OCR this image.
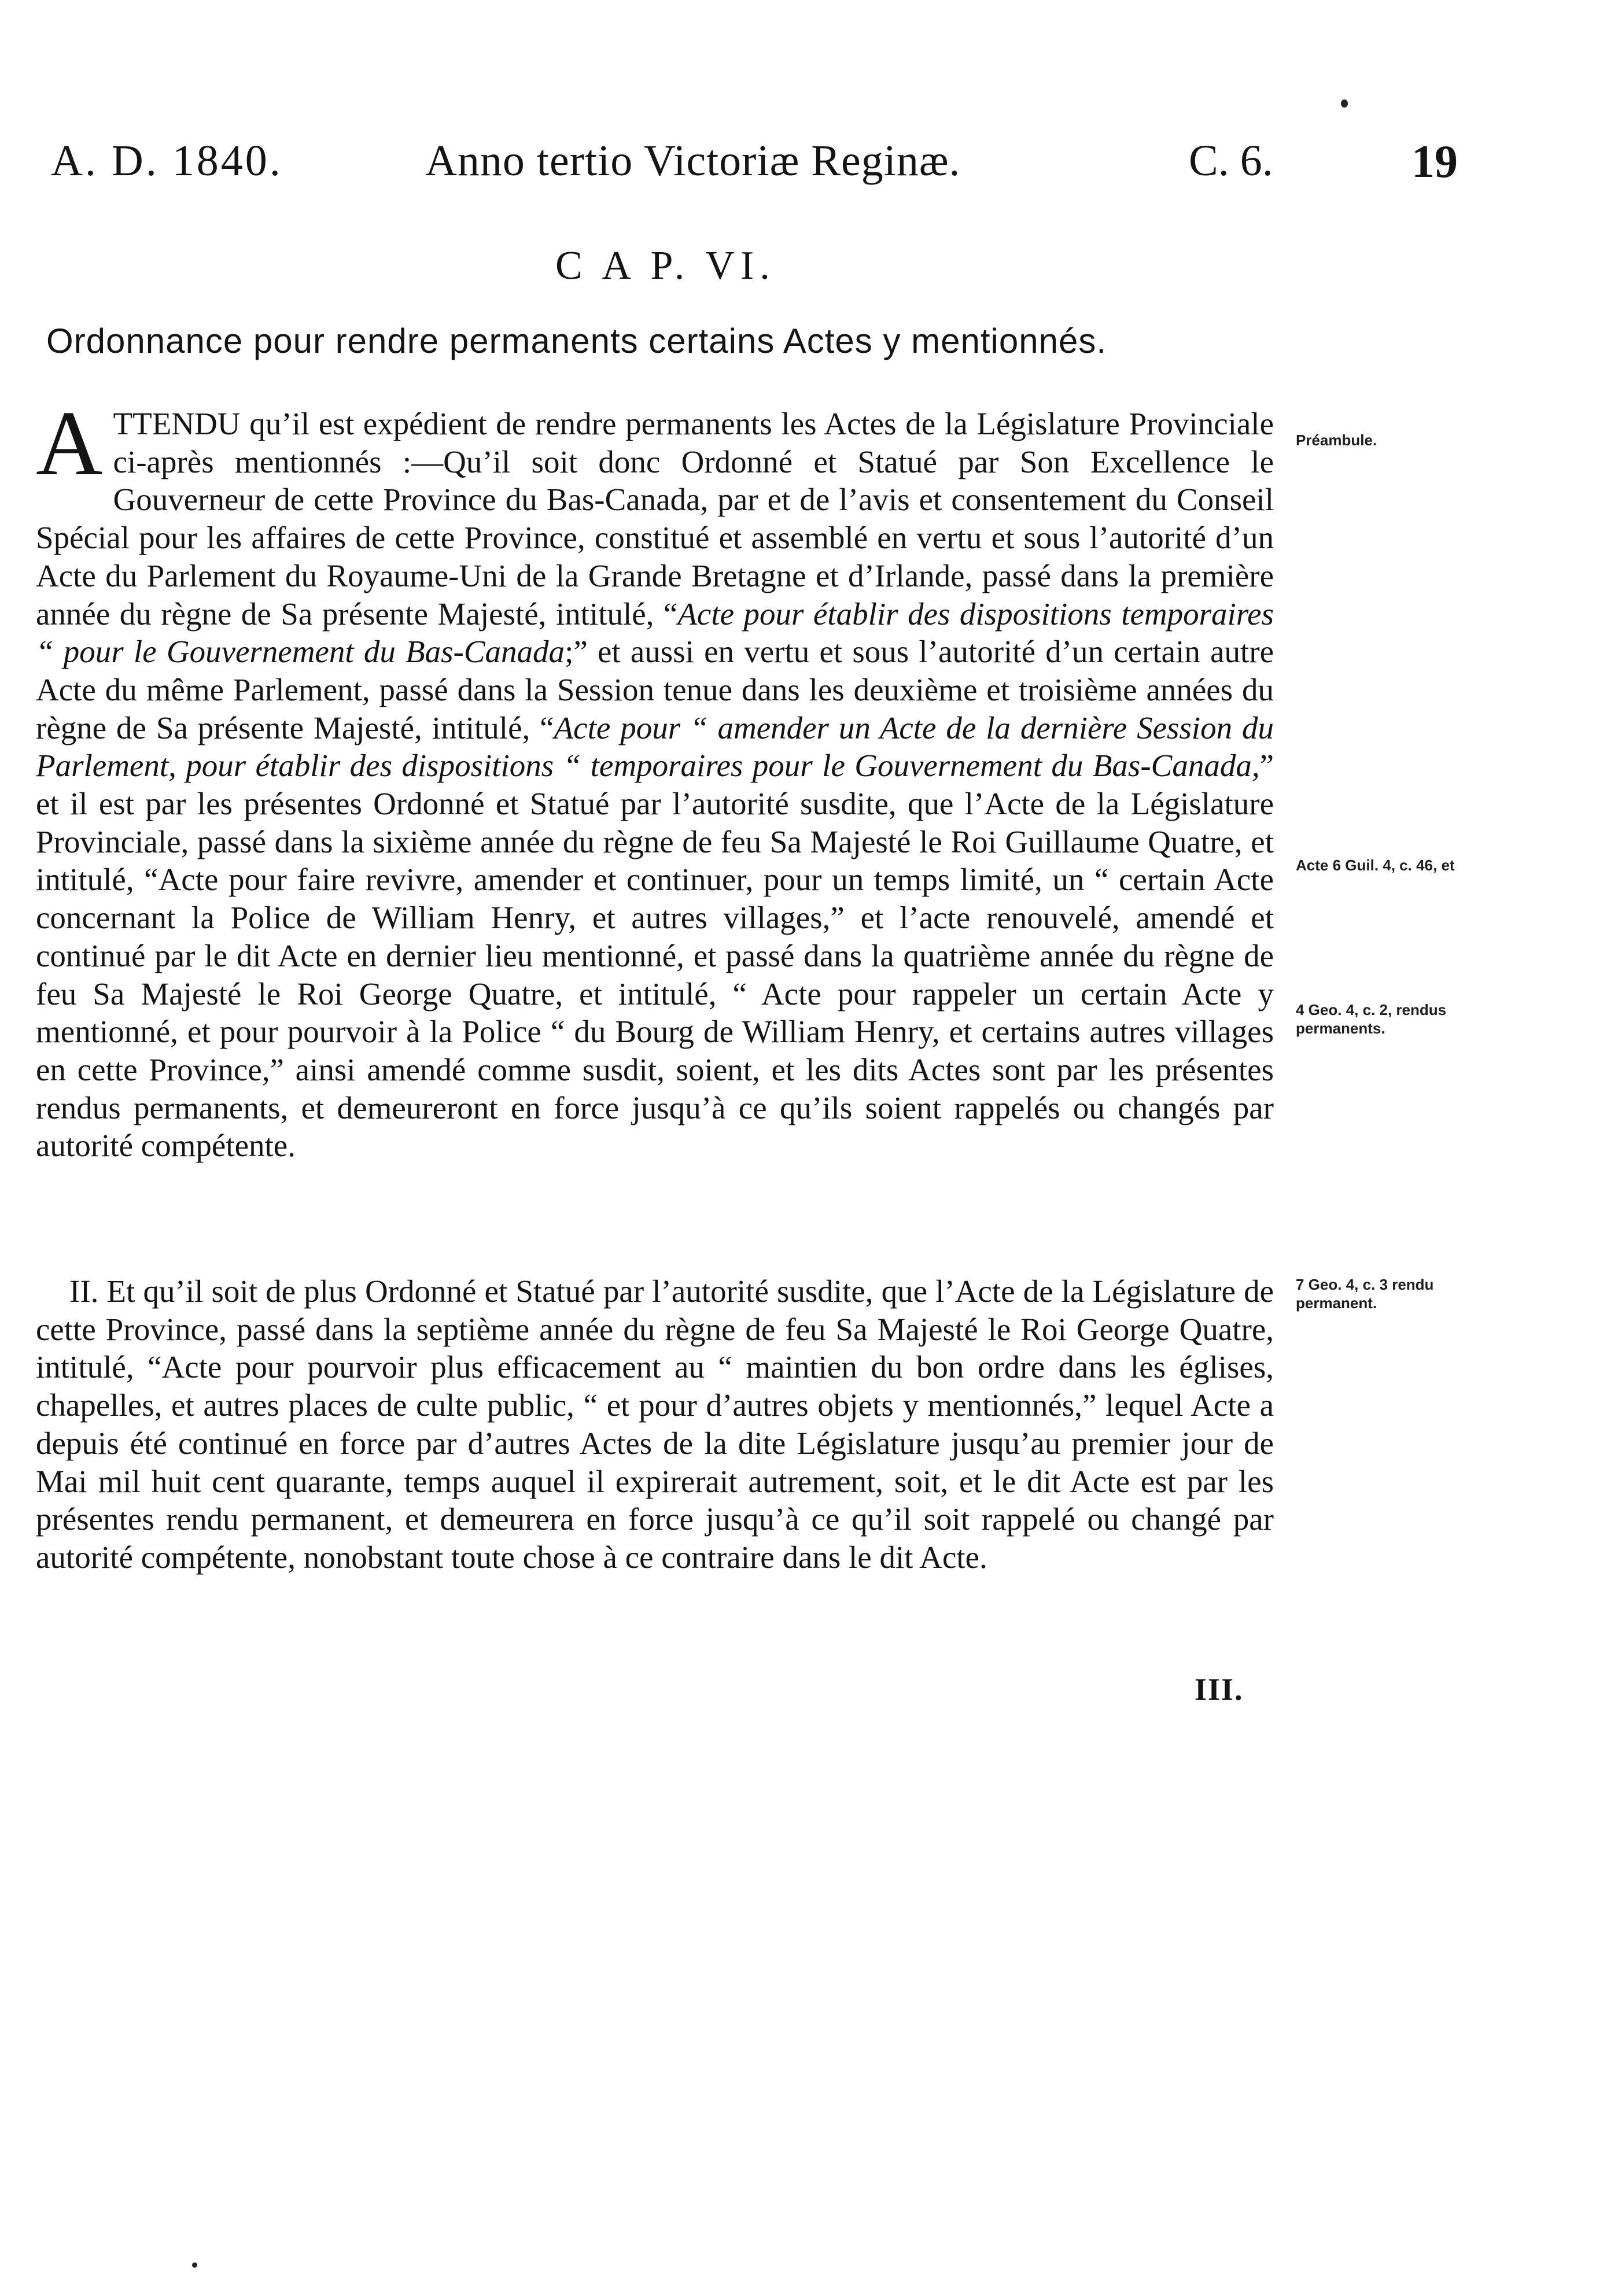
A. D. 1840.	Anno tertio Victoriæ Reginæ.	C. 6.	19
C A P. VI.
Ordonnance pour rendre permanents certains Actes y mentionnés.
ATTENDU qu’il est expédient de rendre permanents les Actes de la Législature Provinciale ci-après mentionnés :—Qu’il soit donc Ordonné et Statué par Son Excellence le Gouverneur de cette Province du Bas-Canada, par et de l’avis et consentement du Conseil Spécial pour les affaires de cette Province, constitué et assemblé en vertu et sous l’autorité d’un Acte du Parlement du Royaume-Uni de la Grande Bretagne et d’Irlande, passé dans la première année du règne de Sa présente Majesté, intitulé, “Acte pour établir des dispositions temporaires “ pour le Gouvernement du Bas-Canada;” et aussi en vertu et sous l’autorité d’un certain autre Acte du même Parlement, passé dans la Session tenue dans les deuxième et troisième années du règne de Sa présente Majesté, intitulé, “Acte pour “ amender un Acte de la dernière Session du Parlement, pour établir des dispositions “ temporaires pour le Gouvernement du Bas-Canada,” et il est par les présentes Ordonné et Statué par l’autorité susdite, que l’Acte de la Législature Provinciale, passé dans la sixième année du règne de feu Sa Majesté le Roi Guillaume Quatre, et intitulé, “Acte pour faire revivre, amender et continuer, pour un temps limité, un “ certain Acte concernant la Police de William Henry, et autres villages,” et l’acte renouvelé, amendé et continué par le dit Acte en dernier lieu mentionné, et passé dans la quatrième année du règne de feu Sa Majesté le Roi George Quatre, et intitulé, “ Acte pour rappeler un certain Acte y mentionné, et pour pourvoir à la Police “ du Bourg de William Henry, et certains autres villages en cette Province,” ainsi amendé comme susdit, soient, et les dits Actes sont par les présentes rendus permanents, et demeureront en force jusqu’à ce qu’ils soient rappelés ou changés par autorité compétente.
II. Et qu’il soit de plus Ordonné et Statué par l’autorité susdite, que l’Acte de la Législature de cette Province, passé dans la septième année du règne de feu Sa Majesté le Roi George Quatre, intitulé, “Acte pour pourvoir plus efficacement au “ maintien du bon ordre dans les églises, chapelles, et autres places de culte public, “ et pour d’autres objets y mentionnés,” lequel Acte a depuis été continué en force par d’autres Actes de la dite Législature jusqu’au premier jour de Mai mil huit cent quarante, temps auquel il expirerait autrement, soit, et le dit Acte est par les présentes rendu permanent, et demeurera en force jusqu’à ce qu’il soit rappelé ou changé par autorité compétente, nonobstant toute chose à ce contraire dans le dit Acte.
Préambule.
Acte 6 Guil. 4, c. 46, et
4 Geo. 4, c. 2, rendus permanents.
7 Geo. 4, c. 3 rendu permanent.
III.
